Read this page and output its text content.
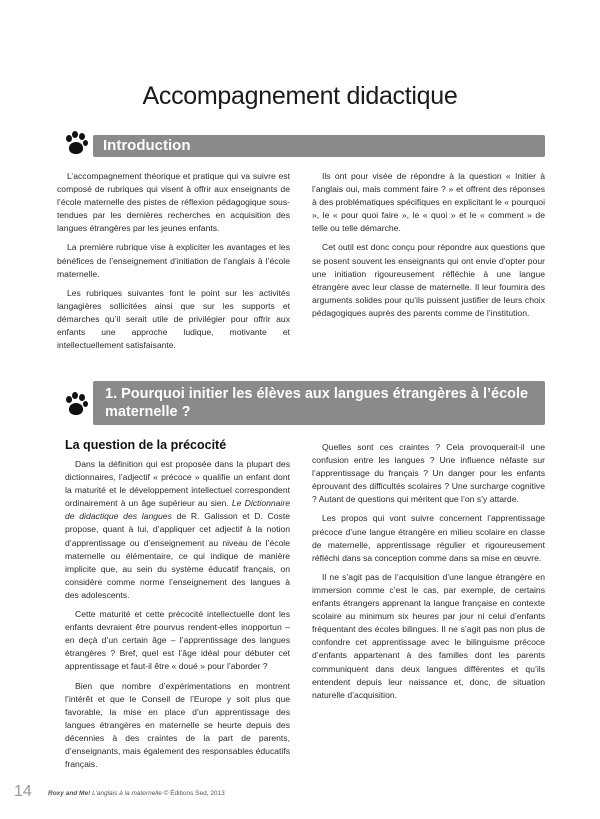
Accompagnement didactique
Introduction

L’accompagnement théorique et pratique qui va suivre est composé de rubriques qui visent à offrir aux enseignants de l’école maternelle des pistes de réflexion pédagogique sous-tendues par les dernières recherches en acquisition des langues étrangères par les jeunes enfants.

La première rubrique vise à expliciter les avantages et les bénéfices de l’enseignement d’initiation de l’anglais à l’école maternelle.

Les rubriques suivantes font le point sur les activités langagières sollicitées ainsi que sur les supports et démarches qu’il serait utile de privilégier pour offrir aux enfants une approche ludique, motivante et intellectuellement satisfaisante.

Ils ont pour visée de répondre à la question « Initier à l’anglais oui, mais comment faire ? » et offrent des réponses à des problématiques spécifiques en explicitant le « pourquoi », le « pour quoi faire », le « quoi » et le « comment » de telle ou telle démarche.

Cet outil est donc conçu pour répondre aux questions que se posent souvent les enseignants qui ont envie d’opter pour une initiation rigoureusement réfléchie à une langue étrangère avec leur classe de maternelle. Il leur fournira des arguments solides pour qu’ils puissent justifier de leurs choix pédagogiques auprès des parents comme de l’institution.

1. Pourquoi initier les élèves aux langues étrangères à l’école maternelle ?
La question de la précocité

Dans la définition qui est proposée dans la plupart des dictionnaires, l’adjectif « précoce » qualifie un enfant dont la maturité et le développement intellectuel correspondent ordinairement à un âge supérieur au sien. Le Dictionnaire de didactique des langues de R. Galisson et D. Coste propose, quant à lui, d’appliquer cet adjectif à la notion d’apprentissage ou d’enseignement au niveau de l’école maternelle ou élémentaire, ce qui indique de manière implicite que, au sein du système éducatif français, on considère comme norme l’enseignement des langues à des adolescents.

Cette maturité et cette précocité intellectuelle dont les enfants devraient être pourvus rendent-elles inopportun – en deçà d’un certain âge – l’apprentissage des langues étrangères ? Bref, quel est l’âge idéal pour débuter cet apprentissage et faut-il être « doué » pour l’aborder ?

Bien que nombre d’expérimentations en montrent l’intérêt et que le Conseil de l’Europe y soit plus que favorable, la mise en place d’un apprentissage des langues étrangères en maternelle se heurte depuis des décennies à des craintes de la part de parents, d’enseignants, mais également des responsables éducatifs français.

Quelles sont ces craintes ? Cela provoquerait-il une confusion entre les langues ? Une influence néfaste sur l’apprentissage du français ? Un danger pour les enfants éprouvant des difficultés scolaires ? Une surcharge cognitive ? Autant de questions qui méritent que l’on s’y attarde.

Les propos qui vont suivre concernent l’apprentissage précoce d’une langue étrangère en milieu scolaire en classe de maternelle, apprentissage régulier et rigoureusement réfléchi dans sa conception comme dans sa mise en œuvre.

Il ne s’agit pas de l’acquisition d’une langue étrangère en immersion comme c’est le cas, par exemple, de certains enfants étrangers apprenant la langue française en contexte scolaire au minimum six heures par jour ni celui d’enfants fréquentant des écoles bilingues. Il ne s’agit pas non plus de confondre cet apprentissage avec le bilinguisme précoce d’enfants appartenant à des familles dont les parents communiquent dans deux langues différentes et qu’ils entendent depuis leur naissance et, donc, de situation naturelle d’acquisition.

14 Roxy and Me! L’anglais à la maternelle © Éditions Sed, 2013
